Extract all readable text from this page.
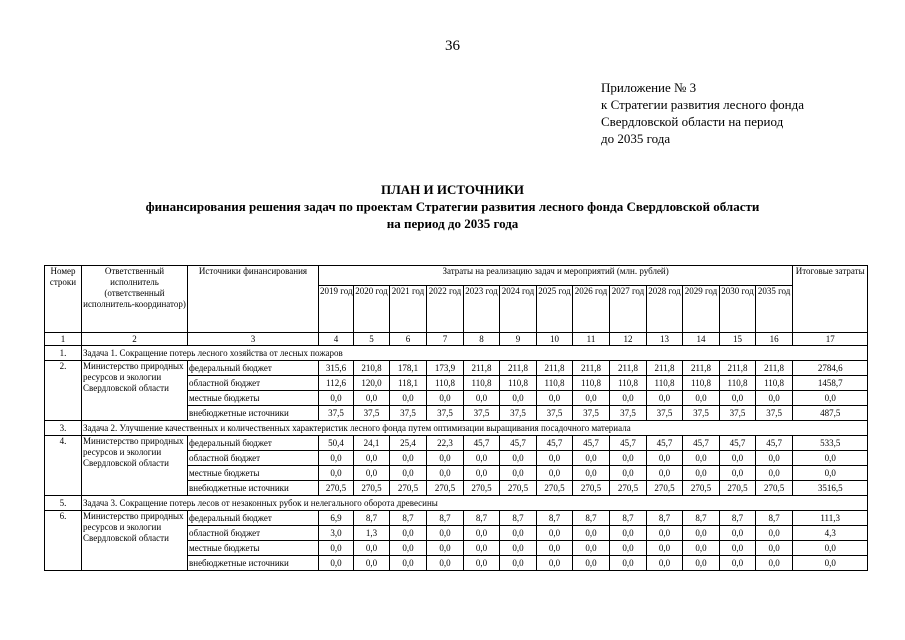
36
Приложение № 3
к Стратегии развития лесного фонда
Свердловской области на период
до 2035 года
ПЛАН И ИСТОЧНИКИ
финансирования решения задач по проектам Стратегии развития лесного фонда Свердловской области
на период до 2035 года
Номер строки	Ответственный исполнитель (ответственный исполнитель-координатор)	Источники финансирования	Затраты на реализацию задач и мероприятий (млн. рублей)													Итоговые затраты
			2019 год	2020 год	2021 год	2022 год	2023 год	2024 год	2025 год	2026 год	2027 год	2028 год	2029 год	2030 год	2035 год	
1	2	3	4	5	6	7	8	9	10	11	12	13	14	15	16	17
1.	Задача 1. Сокращение потерь лесного хозяйства от лесных пожаров															
2.	Министерство природных ресурсов и экологии Свердловской области	федеральный бюджет	315,6	210,8	178,1	173,9	211,8	211,8	211,8	211,8	211,8	211,8	211,8	211,8	211,8	2784,6
		областной бюджет	112,6	120,0	118,1	110,8	110,8	110,8	110,8	110,8	110,8	110,8	110,8	110,8	110,8	1458,7
		местные бюджеты	0,0	0,0	0,0	0,0	0,0	0,0	0,0	0,0	0,0	0,0	0,0	0,0	0,0	0,0
		внебюджетные источники	37,5	37,5	37,5	37,5	37,5	37,5	37,5	37,5	37,5	37,5	37,5	37,5	37,5	487,5
3.	Задача 2. Улучшение качественных и количественных характеристик лесного фонда путем оптимизации выращивания посадочного материала															
4.	Министерство природных ресурсов и экологии Свердловской области	федеральный бюджет	50,4	24,1	25,4	22,3	45,7	45,7	45,7	45,7	45,7	45,7	45,7	45,7	45,7	533,5
		областной бюджет	0,0	0,0	0,0	0,0	0,0	0,0	0,0	0,0	0,0	0,0	0,0	0,0	0,0	0,0
		местные бюджеты	0,0	0,0	0,0	0,0	0,0	0,0	0,0	0,0	0,0	0,0	0,0	0,0	0,0	0,0
		внебюджетные источники	270,5	270,5	270,5	270,5	270,5	270,5	270,5	270,5	270,5	270,5	270,5	270,5	270,5	3516,5
5.	Задача 3. Сокращение потерь лесов от незаконных рубок и нелегального оборота древесины															
6.	Министерство природных ресурсов и экологии Свердловской области	федеральный бюджет	6,9	8,7	8,7	8,7	8,7	8,7	8,7	8,7	8,7	8,7	8,7	8,7	8,7	111,3
		областной бюджет	3,0	1,3	0,0	0,0	0,0	0,0	0,0	0,0	0,0	0,0	0,0	0,0	0,0	4,3
		местные бюджеты	0,0	0,0	0,0	0,0	0,0	0,0	0,0	0,0	0,0	0,0	0,0	0,0	0,0	0,0
		внебюджетные источники	0,0	0,0	0,0	0,0	0,0	0,0	0,0	0,0	0,0	0,0	0,0	0,0	0,0	0,0
